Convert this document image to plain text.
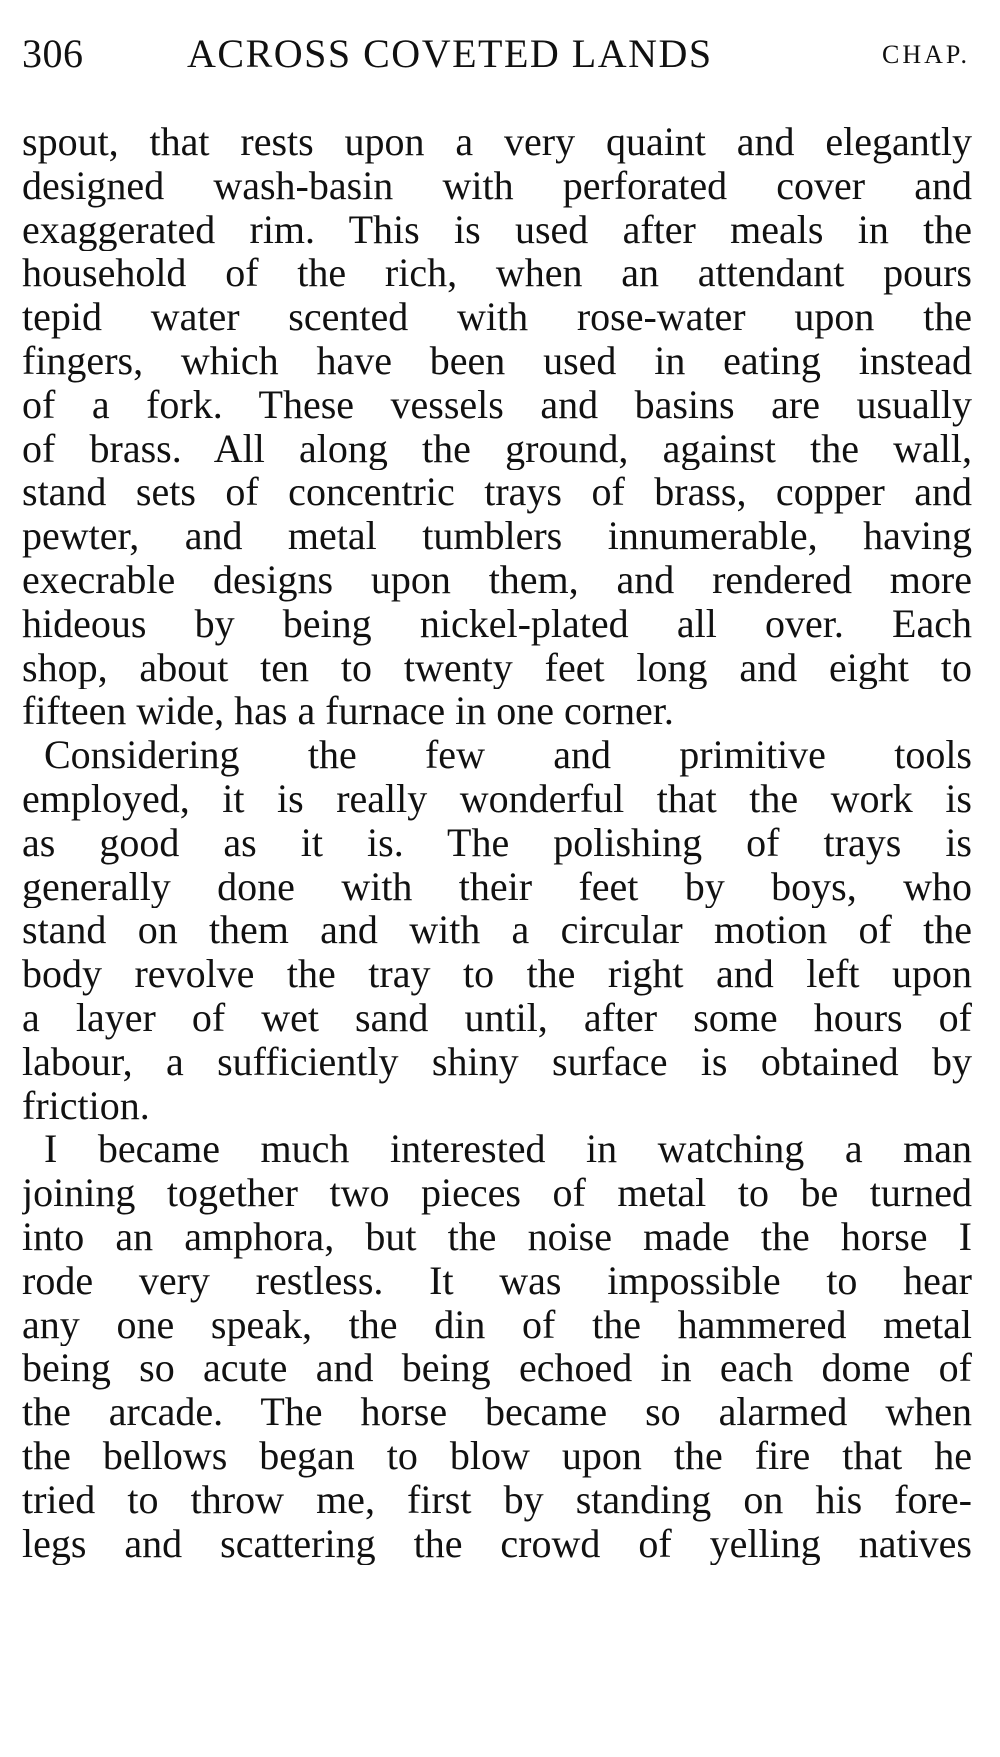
306	ACROSS COVETED LANDS	CHAP.
spout, that rests upon a very quaint and elegantly
designed wash-basin with perforated cover and
exaggerated rim. This is used after meals in the
household of the rich, when an attendant pours
tepid water scented with rose-water upon the
fingers, which have been used in eating instead
of a fork. These vessels and basins are usually
of brass. All along the ground, against the wall,
stand sets of concentric trays of brass, copper and
pewter, and metal tumblers innumerable, having
execrable designs upon them, and rendered more
hideous by being nickel-plated all over. Each
shop, about ten to twenty feet long and eight to
fifteen wide, has a furnace in one corner.
Considering the few and primitive tools
employed, it is really wonderful that the work is
as good as it is. The polishing of trays is
generally done with their feet by boys, who
stand on them and with a circular motion of the
body revolve the tray to the right and left upon
a layer of wet sand until, after some hours of
labour, a sufficiently shiny surface is obtained by
friction.
I became much interested in watching a man
joining together two pieces of metal to be turned
into an amphora, but the noise made the horse I
rode very restless. It was impossible to hear
any one speak, the din of the hammered metal
being so acute and being echoed in each dome of
the arcade. The horse became so alarmed when
the bellows began to blow upon the fire that he
tried to throw me, first by standing on his fore-
legs and scattering the crowd of yelling natives
